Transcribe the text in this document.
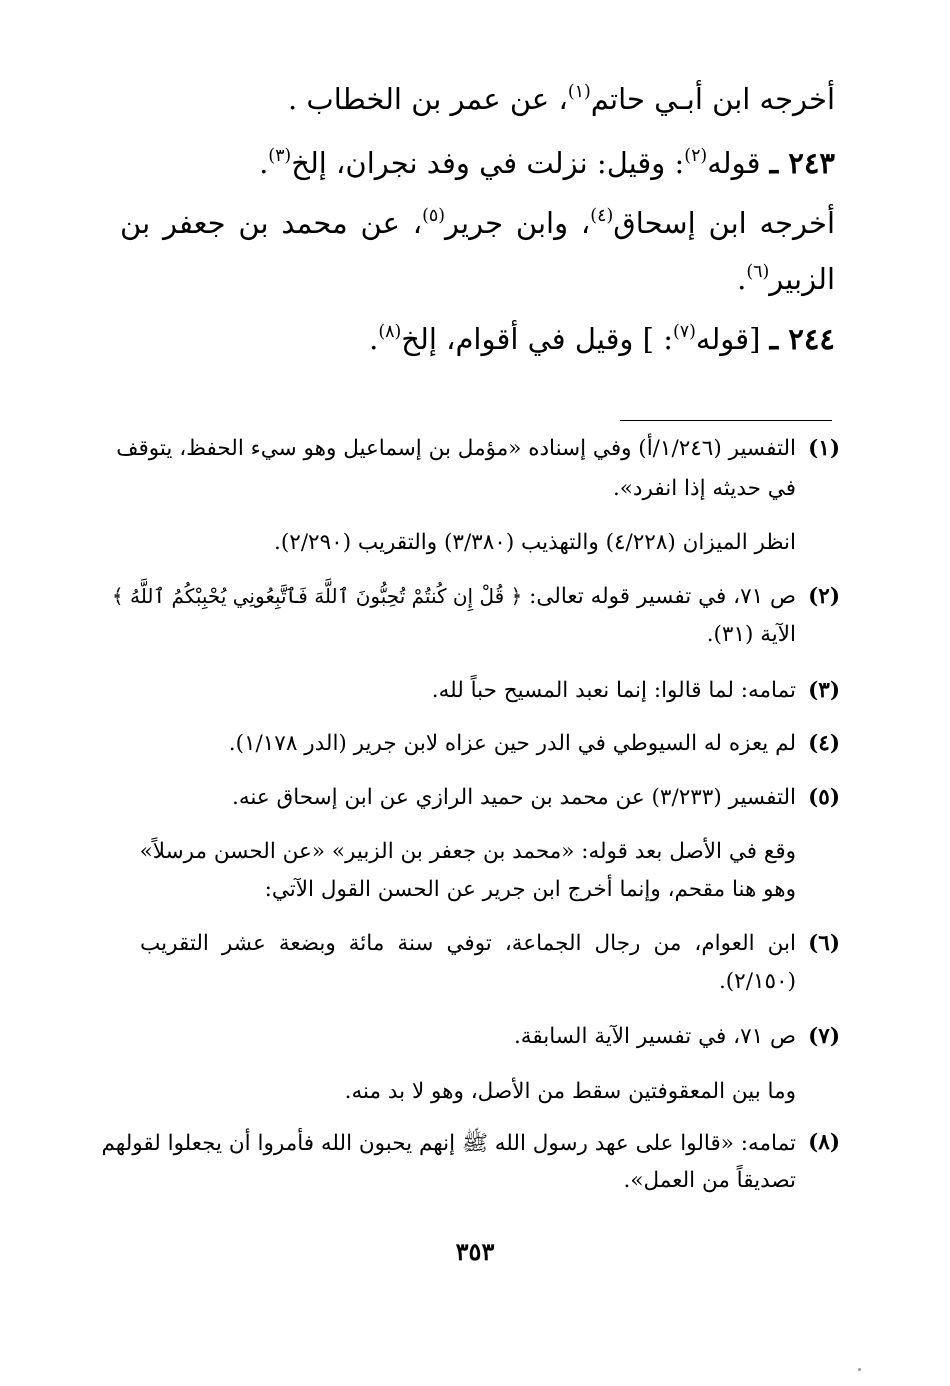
أخرجه ابن أبـي حاتم$^{(١)}$، عن عمر بن الخطاب .
٢٤٣ ـ قوله$^{(٢)}$: وقيل: نزلت في وفد نجران، إلخ$^{(٣)}$.
أخرجه ابن إسحاق$^{(٤)}$، وابن جرير$^{(٥)}$، عن محمد بن جعفر بن
الزبير$^{(٦)}$.
٢٤٤ ـ [قوله$^{(٧)}$: ] وقيل في أقوام، إلخ$^{(٨)}$.
(١)
التفسير (١/٢٤٦/أ) وفي إسناده «مؤمل بن إسماعيل وهو سيء الحفظ، يتوقف
في حديثه إذا انفرد».
انظر الميزان (٤/٢٢٨) والتهذيب (٣/٣٨٠) والتقريب (٢/٢٩٠).
(٢)
ص ٧١، في تفسير قوله تعالى: ﴿ قُلْ إِن كُنتُمْ تُحِبُّونَ ٱللَّهَ فَٱتَّبِعُونِي يُحْبِبْكُمُ ٱللَّهُ ﴾
الآية (٣١).
(٣)
تمامه: لما قالوا: إنما نعبد المسيح حباً لله.
(٤)
لم يعزه له السيوطي في الدر حين عزاه لابن جرير (الدر ١/١٧٨).
(٥)
التفسير (٣/٢٣٣) عن محمد بن حميد الرازي عن ابن إسحاق عنه.
وقع في الأصل بعد قوله: «محمد بن جعفر بن الزبير» «عن الحسن مرسلاً»
وهو هنا مقحم، وإنما أخرج ابن جرير عن الحسن القول الآتي:
(٦)
ابن العوام، من رجال الجماعة، توفي سنة مائة وبضعة عشر التقريب
(٢/١٥٠).
(٧)
ص ٧١، في تفسير الآية السابقة.
وما بين المعقوفتين سقط من الأصل، وهو لا بد منه.
(٨)
تمامه: «قالوا على عهد رسول الله ﷺ إنهم يحبون الله فأمروا أن يجعلوا لقولهم
تصديقاً من العمل».
٣٥٣
